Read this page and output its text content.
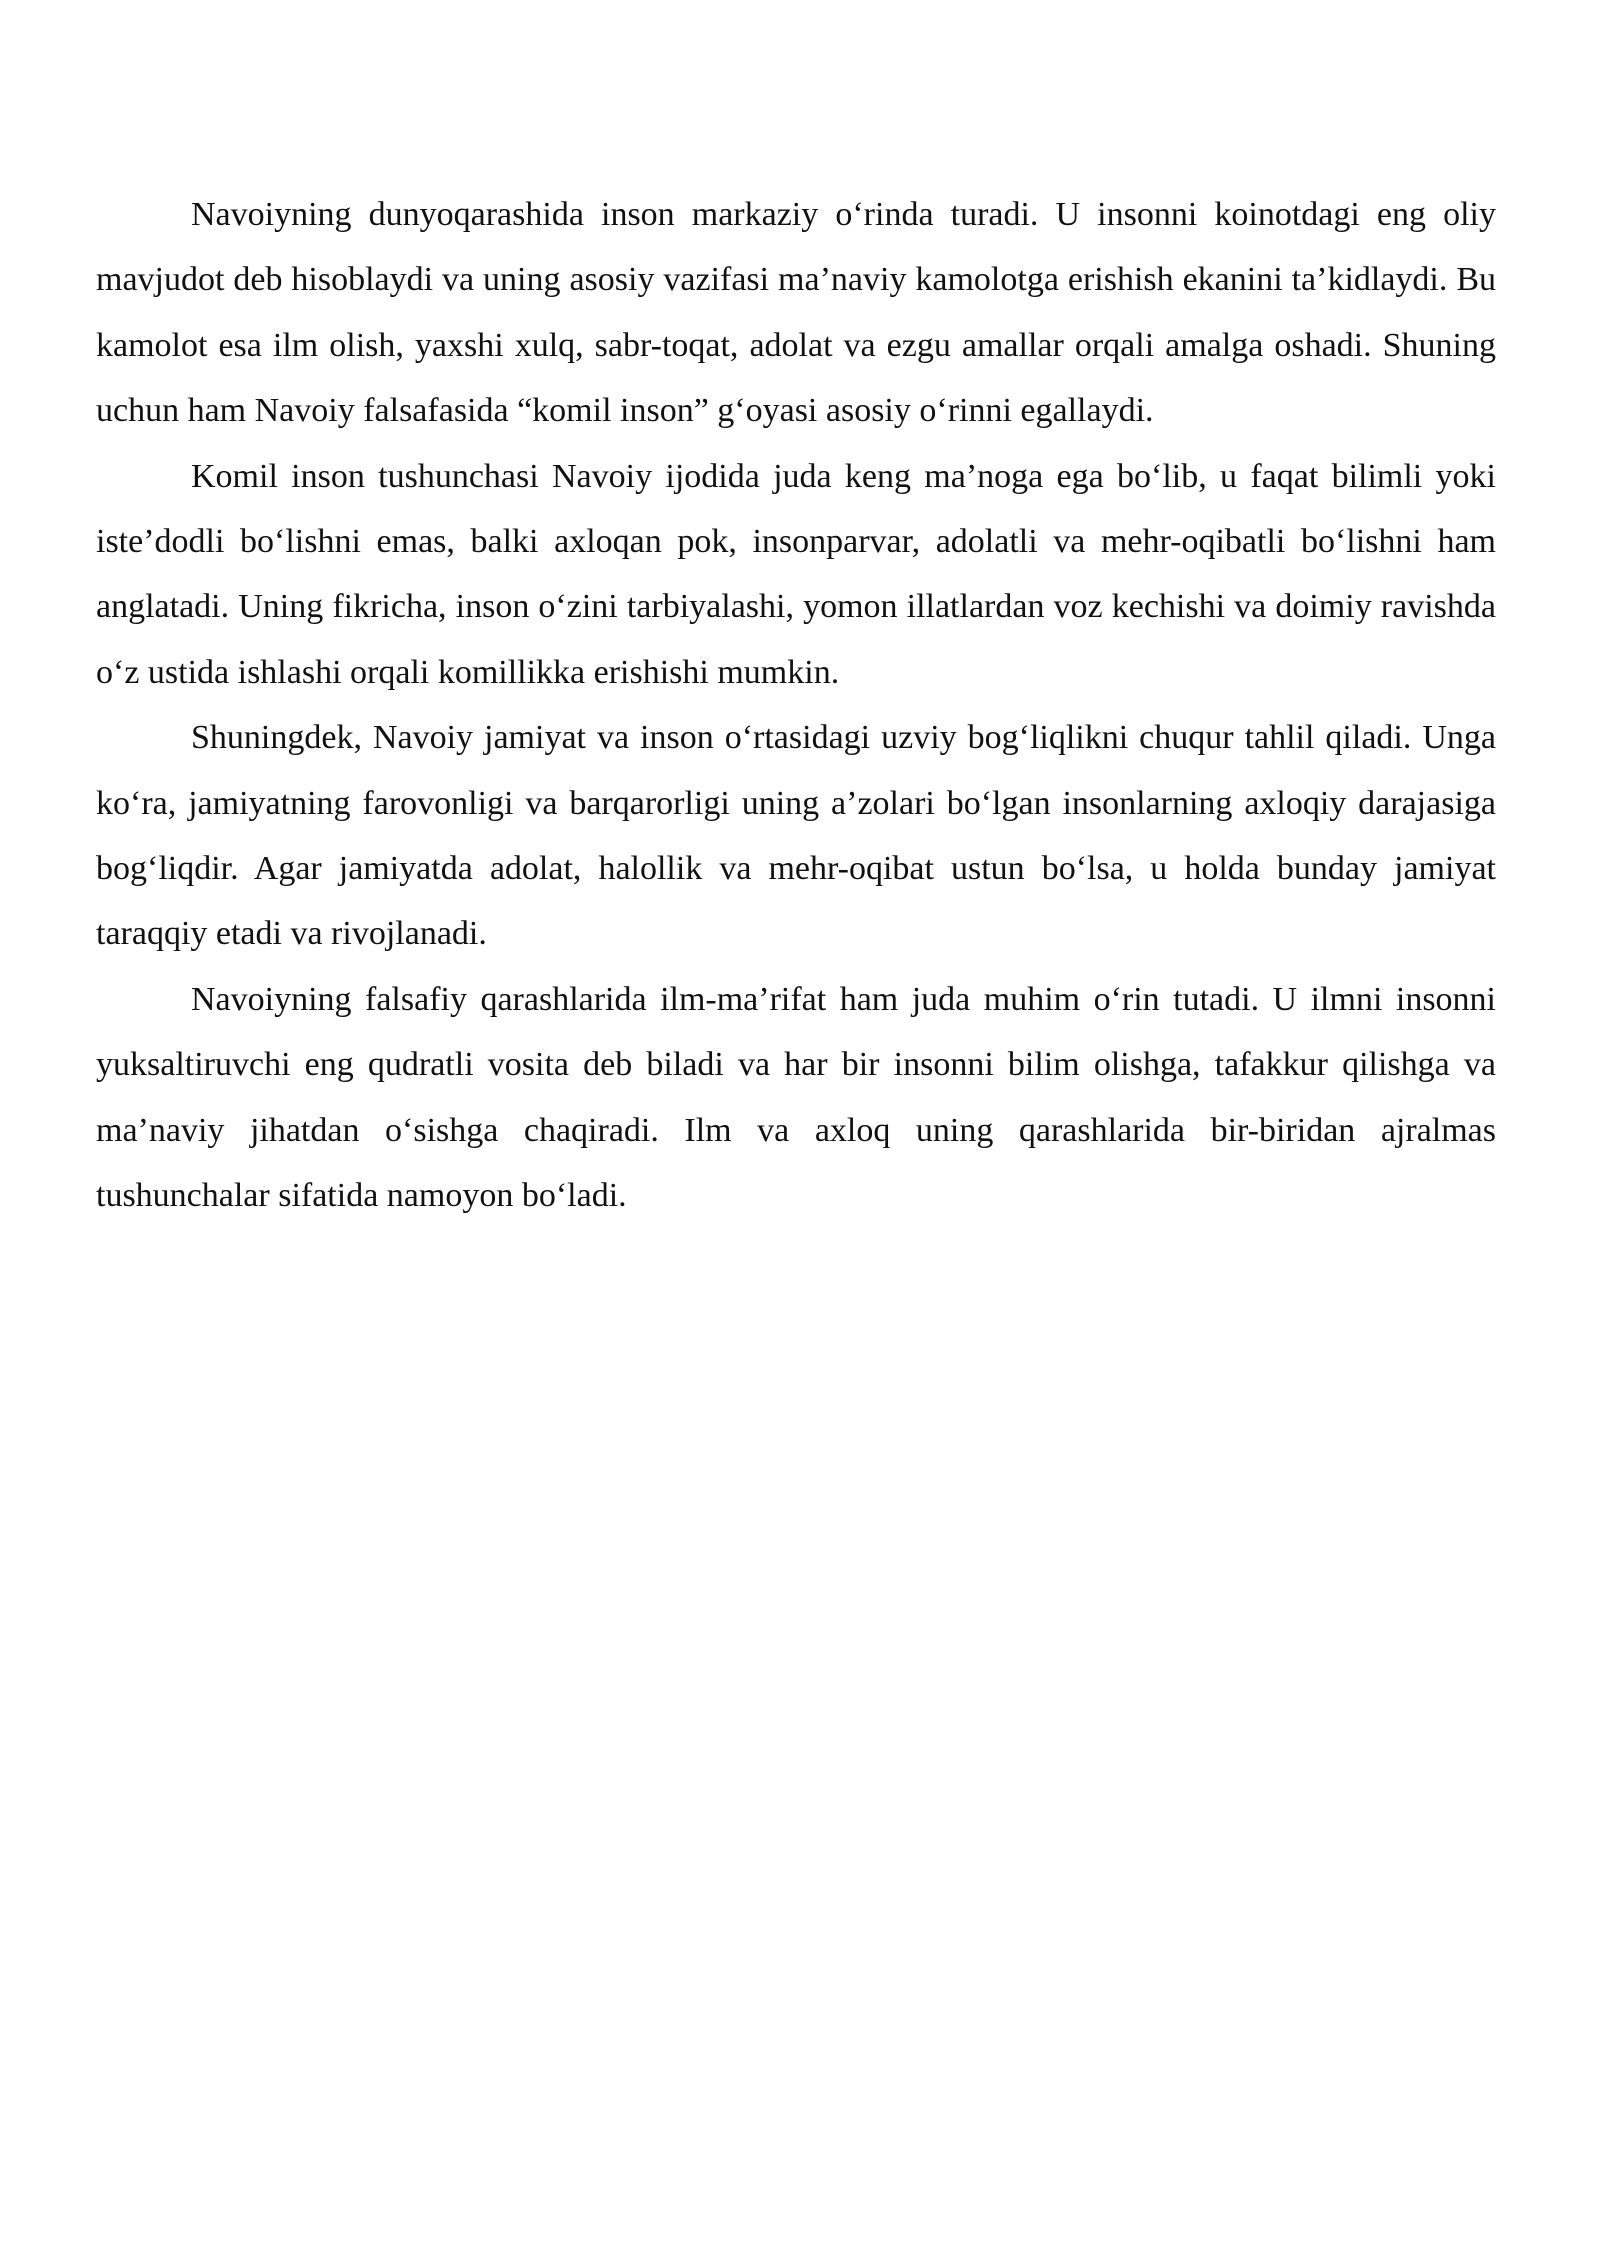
Navoiyning dunyoqarashida inson markaziy o‘rinda turadi. U insonni koinotdagi eng oliy mavjudot deb hisoblaydi va uning asosiy vazifasi ma’naviy kamolotga erishish ekanini ta’kidlaydi. Bu kamolot esa ilm olish, yaxshi xulq, sabr-toqat, adolat va ezgu amallar orqali amalga oshadi. Shuning uchun ham Navoiy falsafasida “komil inson” g‘oyasi asosiy o‘rinni egallaydi.

Komil inson tushunchasi Navoiy ijodida juda keng ma’noga ega bo‘lib, u faqat bilimli yoki iste’dodli bo‘lishni emas, balki axloqan pok, insonparvar, adolatli va mehr-oqibatli bo‘lishni ham anglatadi. Uning fikricha, inson o‘zini tarbiyalashi, yomon illatlardan voz kechishi va doimiy ravishda o‘z ustida ishlashi orqali komillikka erishishi mumkin.

Shuningdek, Navoiy jamiyat va inson o‘rtasidagi uzviy bog‘liqlikni chuqur tahlil qiladi. Unga ko‘ra, jamiyatning farovonligi va barqarorligi uning a’zolari bo‘lgan insonlarning axloqiy darajasiga bog‘liqdir. Agar jamiyatda adolat, halollik va mehr-oqibat ustun bo‘lsa, u holda bunday jamiyat taraqqiy etadi va rivojlanadi.

Navoiyning falsafiy qarashlarida ilm-ma’rifat ham juda muhim o‘rin tutadi. U ilmni insonni yuksaltiruvchi eng qudratli vosita deb biladi va har bir insonni bilim olishga, tafakkur qilishga va ma’naviy jihatdan o‘sishga chaqiradi. Ilm va axloq uning qarashlarida bir-biridan ajralmas tushunchalar sifatida namoyon bo‘ladi.
